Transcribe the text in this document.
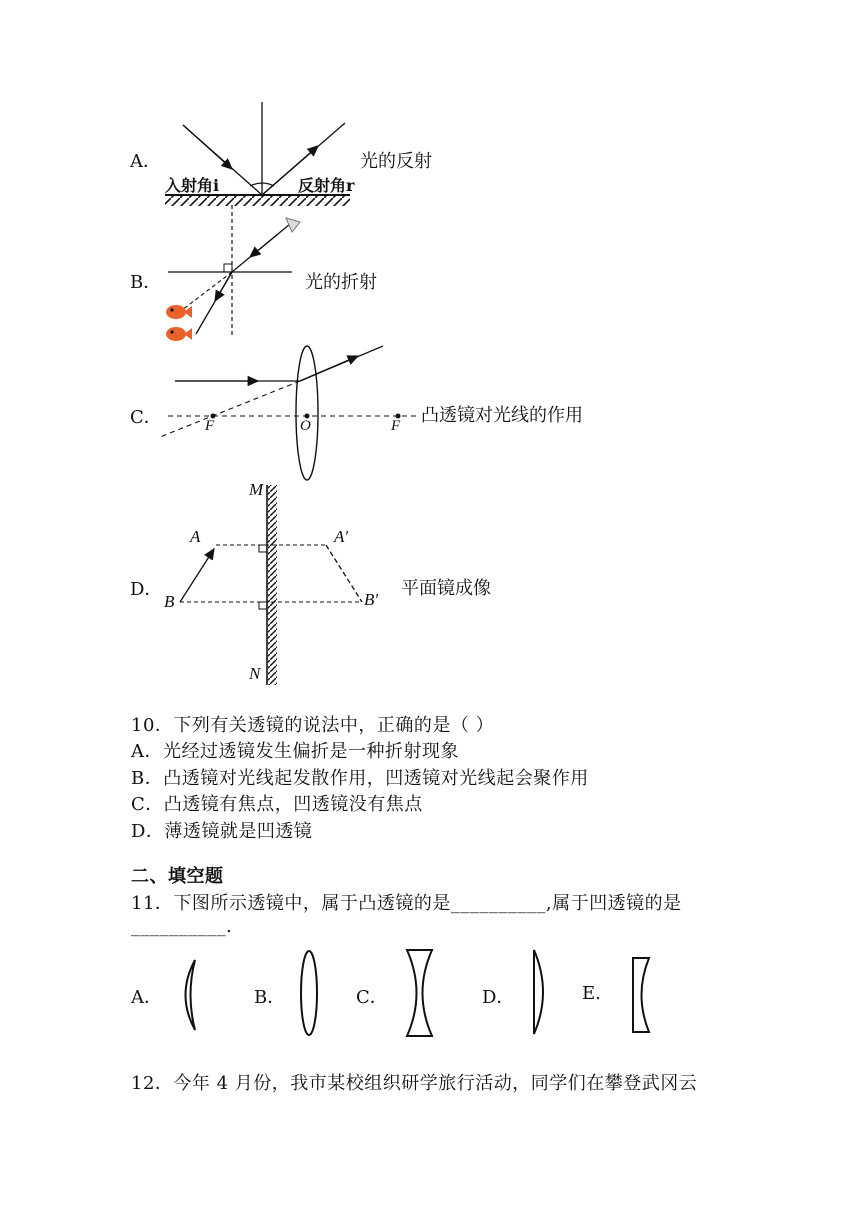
A．
入射角i	反射角r
光的反射
B．	光的折射
C．	F	O	F 凸透镜对光线的作用
D．
M
N
A	A′
B	B′
平面镜成像
10．下列有关透镜的说法中，正确的是（ ）
A．光经过透镜发生偏折是一种折射现象
B．凸透镜对光线起发散作用，凹透镜对光线起会聚作用
C．凸透镜有焦点，凹透镜没有焦点
D．薄透镜就是凹透镜
二、填空题
11．下图所示透镜中，属于凸透镜的是__________,属于凹透镜的是
__________.
A．	B．	C．	D．	E.
12．今年 4 月份，我市某校组织研学旅行活动，同学们在攀登武冈云
